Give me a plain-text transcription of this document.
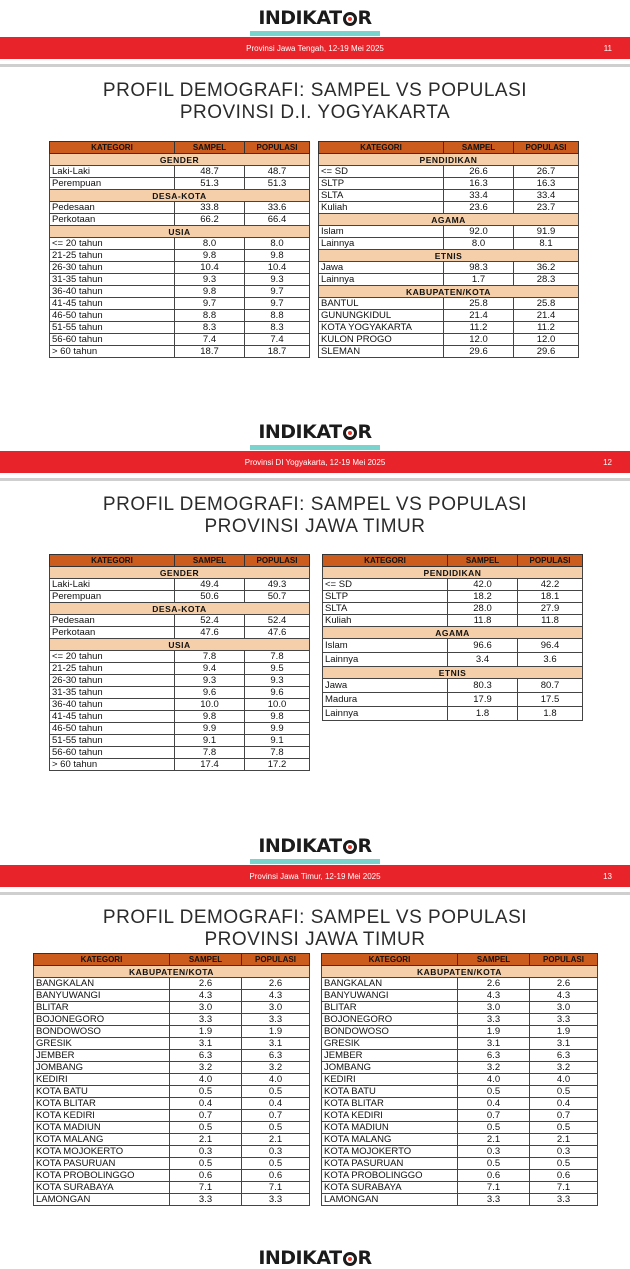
INDIKAT R
Provinsi Jawa Tengah, 12-19 Mei 2025	11
PROFIL DEMOGRAFI: SAMPEL VS POPULASI
PROVINSI D.I. YOGYAKARTA
KATEGORI	SAMPEL	POPULASI
GENDER		
Laki-Laki	48.7	48.7
Perempuan	51.3	51.3
DESA-KOTA		
Pedesaan	33.8	33.6
Perkotaan	66.2	66.4
USIA		
<= 20 tahun	8.0	8.0
21-25 tahun	9.8	9.8
26-30 tahun	10.4	10.4
31-35 tahun	9.3	9.3
36-40 tahun	9.8	9.7
41-45 tahun	9.7	9.7
46-50 tahun	8.8	8.8
51-55 tahun	8.3	8.3
56-60 tahun	7.4	7.4
> 60 tahun	18.7	18.7
KATEGORI	SAMPEL	POPULASI
PENDIDIKAN		
<= SD	26.6	26.7
SLTP	16.3	16.3
SLTA	33.4	33.4
Kuliah	23.6	23.7
AGAMA		
Islam	92.0	91.9
Lainnya	8.0	8.1
ETNIS		
Jawa	98.3	36.2
Lainnya	1.7	28.3
KABUPATEN/KOTA		
BANTUL	25.8	25.8
GUNUNGKIDUL	21.4	21.4
KOTA YOGYAKARTA	11.2	11.2
KULON PROGO	12.0	12.0
SLEMAN	29.6	29.6
INDIKAT R
Provinsi DI Yogyakarta, 12-19 Mei 2025	12
PROFIL DEMOGRAFI: SAMPEL VS POPULASI
PROVINSI JAWA TIMUR
KATEGORI	SAMPEL	POPULASI
GENDER		
Laki-Laki	49.4	49.3
Perempuan	50.6	50.7
DESA-KOTA		
Pedesaan	52.4	52.4
Perkotaan	47.6	47.6
USIA		
<= 20 tahun	7.8	7.8
21-25 tahun	9.4	9.5
26-30 tahun	9.3	9.3
31-35 tahun	9.6	9.6
36-40 tahun	10.0	10.0
41-45 tahun	9.8	9.8
46-50 tahun	9.9	9.9
51-55 tahun	9.1	9.1
56-60 tahun	7.8	7.8
> 60 tahun	17.4	17.2
KATEGORI	SAMPEL	POPULASI
PENDIDIKAN		
<= SD	42.0	42.2
SLTP	18.2	18.1
SLTA	28.0	27.9
Kuliah	11.8	11.8
AGAMA		
Islam	96.6	96.4
Lainnya	3.4	3.6
ETNIS		
Jawa	80.3	80.7
Madura	17.9	17.5
Lainnya	1.8	1.8
INDIKAT R
Provinsi Jawa Timur, 12-19 Mei 2025	13
PROFIL DEMOGRAFI: SAMPEL VS POPULASI
PROVINSI JAWA TIMUR
KATEGORI	SAMPEL	POPULASI
KABUPATEN/KOTA		
BANGKALAN	2.6	2.6
BANYUWANGI	4.3	4.3
BLITAR	3.0	3.0
BOJONEGORO	3.3	3.3
BONDOWOSO	1.9	1.9
GRESIK	3.1	3.1
JEMBER	6.3	6.3
JOMBANG	3.2	3.2
KEDIRI	4.0	4.0
KOTA BATU	0.5	0.5
KOTA BLITAR	0.4	0.4
KOTA KEDIRI	0.7	0.7
KOTA MADIUN	0.5	0.5
KOTA MALANG	2.1	2.1
KOTA MOJOKERTO	0.3	0.3
KOTA PASURUAN	0.5	0.5
KOTA PROBOLINGGO	0.6	0.6
KOTA SURABAYA	7.1	7.1
LAMONGAN	3.3	3.3
KATEGORI	SAMPEL	POPULASI
KABUPATEN/KOTA		
BANGKALAN	2.6	2.6
BANYUWANGI	4.3	4.3
BLITAR	3.0	3.0
BOJONEGORO	3.3	3.3
BONDOWOSO	1.9	1.9
GRESIK	3.1	3.1
JEMBER	6.3	6.3
JOMBANG	3.2	3.2
KEDIRI	4.0	4.0
KOTA BATU	0.5	0.5
KOTA BLITAR	0.4	0.4
KOTA KEDIRI	0.7	0.7
KOTA MADIUN	0.5	0.5
KOTA MALANG	2.1	2.1
KOTA MOJOKERTO	0.3	0.3
KOTA PASURUAN	0.5	0.5
KOTA PROBOLINGGO	0.6	0.6
KOTA SURABAYA	7.1	7.1
LAMONGAN	3.3	3.3
INDIKAT R
